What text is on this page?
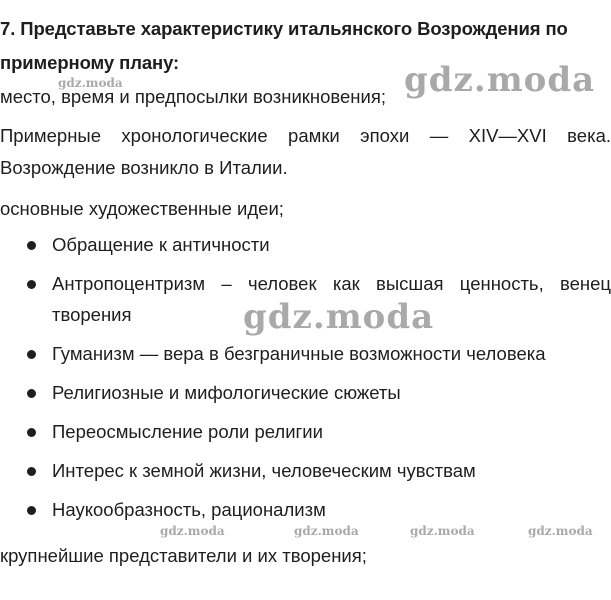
7. Представьте характеристику итальянского Возрождения по примерному плану:

место, время и предпосылки возникновения;

Примерные хронологические рамки эпохи — XIV—XVI века. Возрождение возникло в Италии.

основные художественные идеи;

Обращение к античности
Антропоцентризм – человек как высшая ценность, венец творения
Гуманизм — вера в безграничные возможности человека
Религиозные и мифологические сюжеты
Переосмысление роли религии
Интерес к земной жизни, человеческим чувствам
Наукообразность, рационализм

крупнейшие представители и их творения;

gdz.moda
gdz.moda
gdz.moda
gdz.moda	gdz.moda	gdz.moda	gdz.moda
